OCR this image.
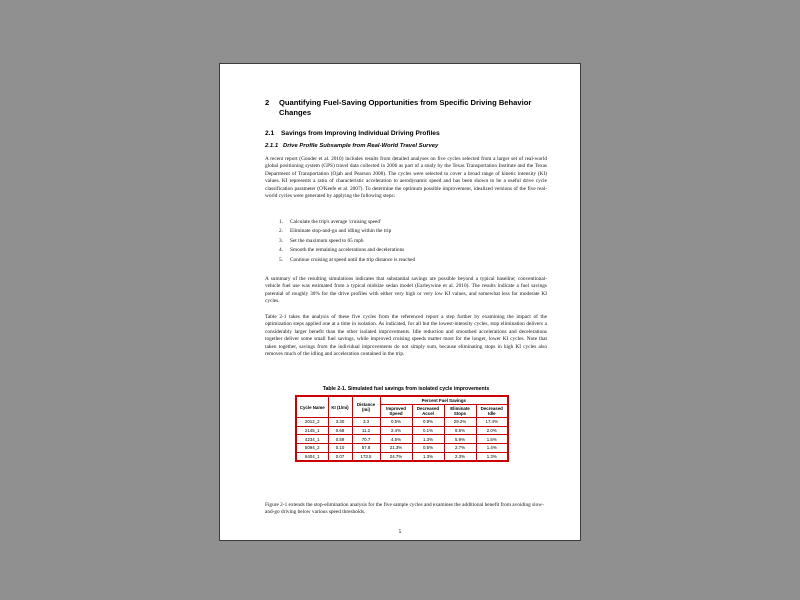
2	Quantifying Fuel-Saving Opportunities from Specific Driving Behavior Changes
2.1	Savings from Improving Individual Driving Profiles
2.1.1 Drive Profile Subsample from Real-World Travel Survey
A recent report (Gonder et al. 2010) includes results from detailed analyses on five cycles selected from a larger set of real-world global positioning system (GPS) travel data collected in 2006 as part of a study by the Texas Transportation Institute and the Texas Department of Transportation (Ojah and Pearson 2008). The cycles were selected to cover a broad range of kinetic intensity (KI) values. KI represents a ratio of characteristic acceleration to aerodynamic speed and has been shown to be a useful drive cycle classification parameter (O'Keefe et al. 2007). To determine the optimum possible improvement, idealized versions of the five real-world cycles were generated by applying the following steps:
1.	Calculate the trip's average 'cruising speed'
2.	Eliminate stop-and-go and idling within the trip
3.	Set the maximum speed to 65 mph
4.	Smooth the remaining accelerations and decelerations
5.	Continue cruising at speed until the trip distance is reached
A summary of the resulting simulations indicates that substantial savings are possible beyond a typical baseline; conventional-vehicle fuel use was estimated from a typical midsize sedan model (Earleywine et al. 2010). The results indicate a fuel savings potential of roughly 30% for the drive profiles with either very high or very low KI values, and somewhat less for moderate KI cycles.
Table 2-1 takes the analysis of these five cycles from the referenced report a step further by examining the impact of the optimization steps applied one at a time in isolation. As indicated, for all but the lowest-intensity cycles, stop elimination delivers a considerably larger benefit than the other isolated improvements. Idle reduction and smoothed accelerations and decelerations together deliver some small fuel savings, while improved cruising speeds matter most for the longer, lower KI cycles. Note that taken together, savings from the individual improvements do not simply sum, because eliminating stops in high KI cycles also removes much of the idling and acceleration contained in the trip.
Table 2-1. Simulated fuel savings from isolated cycle improvements
Cycle Name	KI (1/mi)	Distance (mi)	Percent Fuel Savings			
			Improved Speed	Decreased Accel	Eliminate Stops	Decreased Idle
2012_2	3.30	3.3	0.5%	0.9%	29.2%	17.4%
2145_1	0.68	11.2	2.4%	0.1%	8.5%	2.0%
4234_1	0.59	70.7	4.5%	1.3%	5.9%	1.5%
5094_2	0.10	57.8	21.3%	0.5%	2.7%	1.4%
6404_1	0.07	173.5	24.7%	1.3%	2.3%	1.3%
Figure 2-1 extends the stop-elimination analysis for the five sample cycles and examines the additional benefit from avoiding slow-and-go driving below various speed thresholds.
5
